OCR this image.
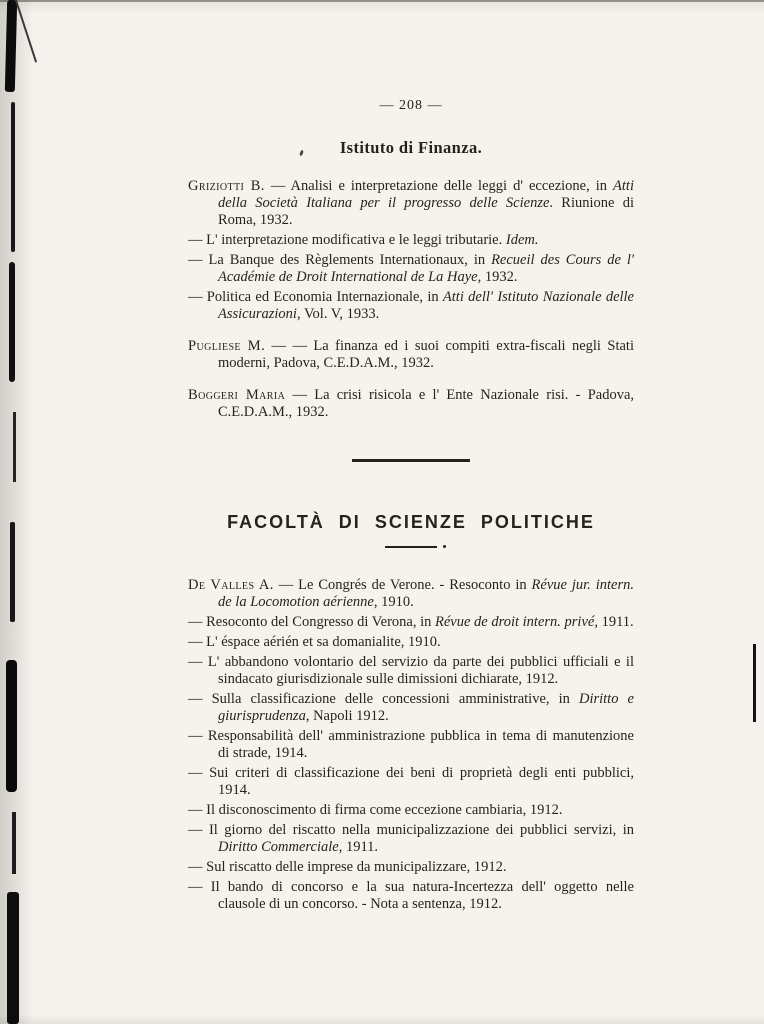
— 208 —
Istituto di Finanza.

Griziotti B. — Analisi e interpretazione delle leggi d' eccezione, in Atti della Società Italiana per il progresso delle Scienze. Riunione di Roma, 1932.

— L' interpretazione modificativa e le leggi tributarie. Idem.

— La Banque des Règlements Internationaux, in Recueil des Cours de l' Académie de Droit International de La Haye, 1932.

— Politica ed Economia Internazionale, in Atti dell' Istituto Nazionale delle Assicurazioni, Vol. V, 1933.

Pugliese M. — — La finanza ed i suoi compiti extra-fiscali negli Stati moderni, Padova, C.E.D.A.M., 1932.

Boggeri Maria — La crisi risicola e l' Ente Nazionale risi. - Padova, C.E.D.A.M., 1932.

FACOLTÀ DI SCIENZE POLITICHE

De Valles A. — Le Congrés de Verone. - Resoconto in Révue jur. intern. de la Locomotion aérienne, 1910.

— Resoconto del Congresso di Verona, in Révue de droit intern. privé, 1911.

— L' éspace aérién et sa domanialite, 1910.

— L' abbandono volontario del servizio da parte dei pubblici ufficiali e il sindacato giurisdizionale sulle dimissioni dichiarate, 1912.

— Sulla classificazione delle concessioni amministrative, in Diritto e giurisprudenza, Napoli 1912.

— Responsabilità dell' amministrazione pubblica in tema di manutenzione di strade, 1914.

— Sui criteri di classificazione dei beni di proprietà degli enti pubblici, 1914.

— Il disconoscimento di firma come eccezione cambiaria, 1912.

— Il giorno del riscatto nella municipalizzazione dei pubblici servizi, in Diritto Commerciale, 1911.

— Sul riscatto delle imprese da municipalizzare, 1912.

— Il bando di concorso e la sua natura-Incertezza dell' oggetto nelle clausole di un concorso. - Nota a sentenza, 1912.
